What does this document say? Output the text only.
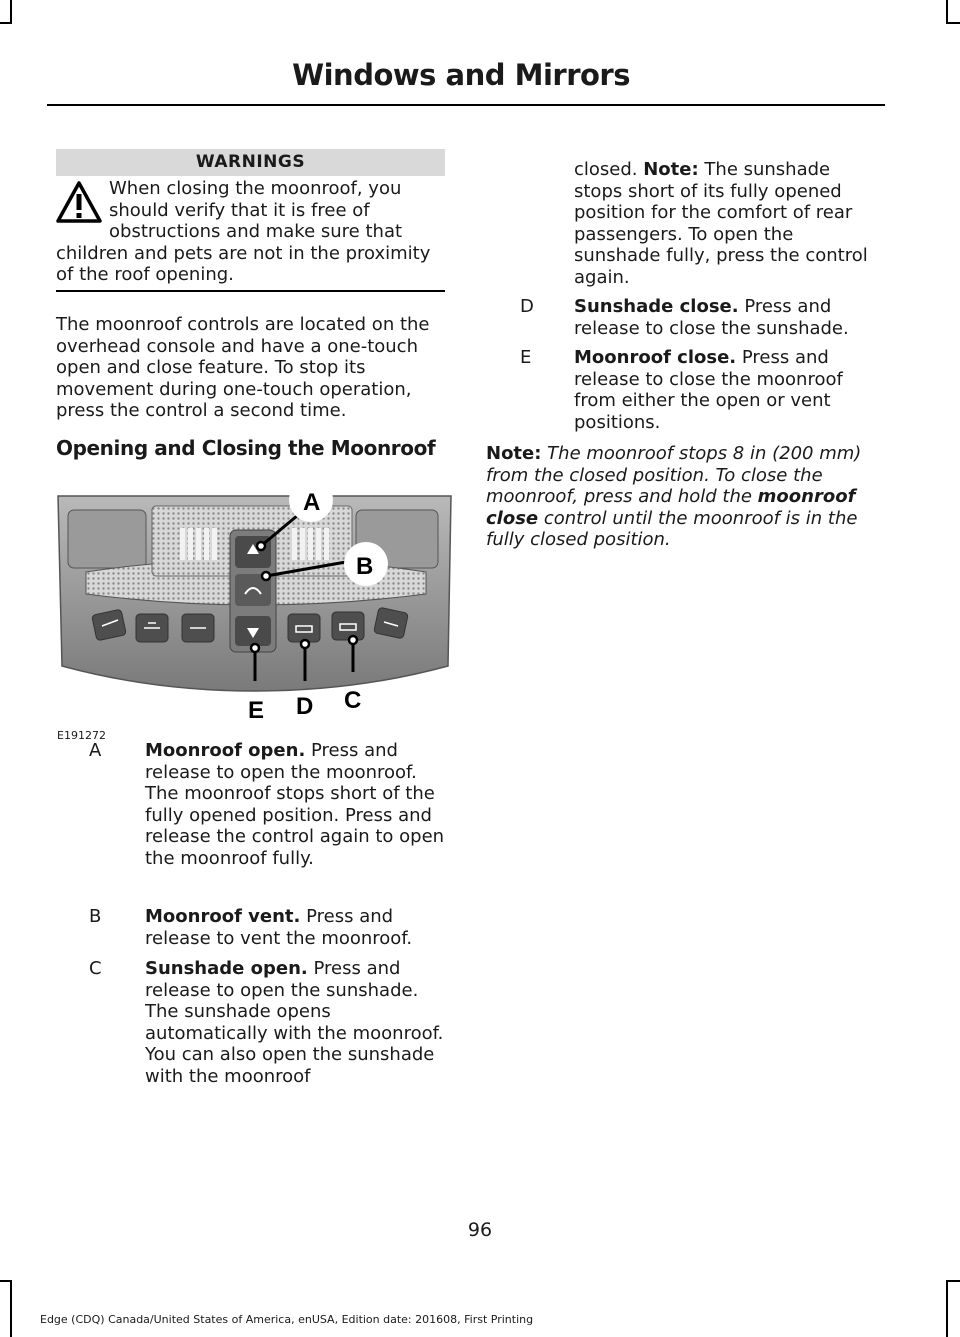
Windows and Mirrors
WARNINGS
When closing the moonroof, you
should verify that it is free of
obstructions and make sure that
children and pets are not in the proximity of the roof opening.
The moonroof controls are located on the overhead console and have a one-touch open and close feature. To stop its movement during one-touch operation, press the control a second time.
Opening and Closing the Moonroof
A
B
C
D
E
E191272
A Moonroof open. Press and release to open the moonroof. The moonroof stops short of the fully opened position. Press and release the control again to open the moonroof fully.
B Moonroof vent. Press and release to vent the moonroof.
C Sunshade open. Press and release to open the sunshade. The sunshade opens automatically with the moonroof. You can also open the sunshade with the moonroof
closed. Note: The sunshade stops short of its fully opened position for the comfort of rear passengers. To open the sunshade fully, press the control again.
D Sunshade close. Press and release to close the sunshade.
E Moonroof close. Press and release to close the moonroof from either the open or vent positions.
Note: The moonroof stops 8 in (200 mm) from the closed position. To close the moonroof, press and hold the moonroof close control until the moonroof is in the fully closed position.
96
Edge (CDQ) Canada/United States of America, enUSA, Edition date: 201608, First Printing
